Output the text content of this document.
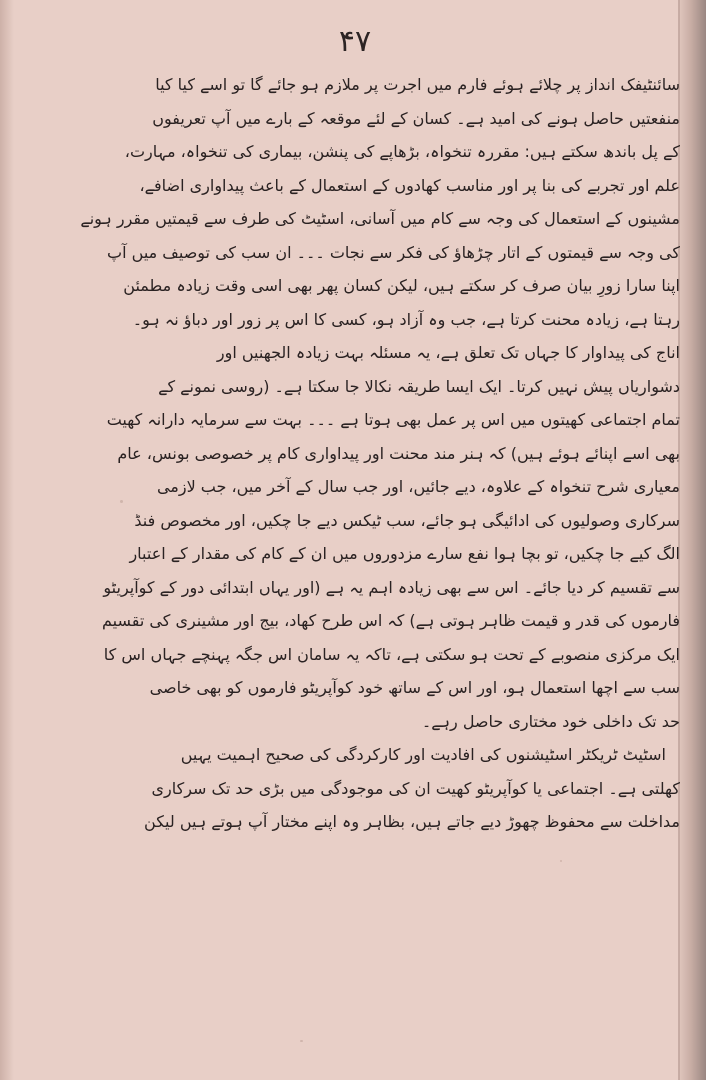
۴۷
سائنٹیفک انداز پر چلائے ہوئے فارم میں اجرت پر ملازم ہو جائے گا تو اسے کیا کیا
منفعتیں حاصل ہونے کی امید ہے۔ کسان کے لئے موقعہ کے بارے میں آپ تعریفوں
کے پل باندھ سکتے ہیں: مقررہ تنخواہ، بڑھاپے کی پنشن، بیماری کی تنخواہ، مہارت،
علم اور تجربے کی بنا پر اور مناسب کھادوں کے استعمال کے باعث پیداواری اضافے،
مشینوں کے استعمال کی وجہ سے کام میں آسانی، اسٹیٹ کی طرف سے قیمتیں مقرر ہونے
کی وجہ سے قیمتوں کے اتار چڑھاؤ کی فکر سے نجات ۔۔۔ ان سب کی توصیف میں آپ
اپنا سارا زورِ بیان صرف کر سکتے ہیں، لیکن کسان پھر بھی اسی وقت زیادہ مطمئن
رہتا ہے، زیادہ محنت کرتا ہے، جب وہ آزاد ہو، کسی کا اس پر زور اور دباؤ نہ ہو۔
اناج کی پیداوار کا جہاں تک تعلق ہے، یہ مسئلہ بہت زیادہ الجھنیں اور
دشواریاں پیش نہیں کرتا۔ ایک ایسا طریقہ نکالا جا سکتا ہے۔ (روسی نمونے کے
تمام اجتماعی کھیتوں میں اس پر عمل بھی ہوتا ہے ۔۔۔ بہت سے سرمایہ دارانہ کھیت
بھی اسے اپنائے ہوئے ہیں) کہ ہنر مند محنت اور پیداواری کام پر خصوصی بونس، عام
معیاری شرح تنخواہ کے علاوہ، دیے جائیں، اور جب سال کے آخر میں، جب لازمی
سرکاری وصولیوں کی ادائیگی ہو جائے، سب ٹیکس دیے جا چکیں، اور مخصوص فنڈ
الگ کیے جا چکیں، تو بچا ہوا نفع سارے مزدوروں میں ان کے کام کی مقدار کے اعتبار
سے تقسیم کر دیا جائے۔ اس سے بھی زیادہ اہم یہ ہے (اور یہاں ابتدائی دور کے کوآپریٹو
فارموں کی قدر و قیمت ظاہر ہوتی ہے) کہ اس طرح کھاد، بیج اور مشینری کی تقسیم
ایک مرکزی منصوبے کے تحت ہو سکتی ہے، تاکہ یہ سامان اس جگہ پہنچے جہاں اس کا
سب سے اچھا استعمال ہو، اور اس کے ساتھ خود کوآپریٹو فارموں کو بھی خاصی
حد تک داخلی خود مختاری حاصل رہے۔
اسٹیٹ ٹریکٹر اسٹیشنوں کی افادیت اور کارکردگی کی صحیح اہمیت یہیں
کھلتی ہے۔ اجتماعی یا کوآپریٹو کھیت ان کی موجودگی میں بڑی حد تک سرکاری
مداخلت سے محفوظ چھوڑ دیے جاتے ہیں، بظاہر وہ اپنے مختار آپ ہوتے ہیں لیکن
